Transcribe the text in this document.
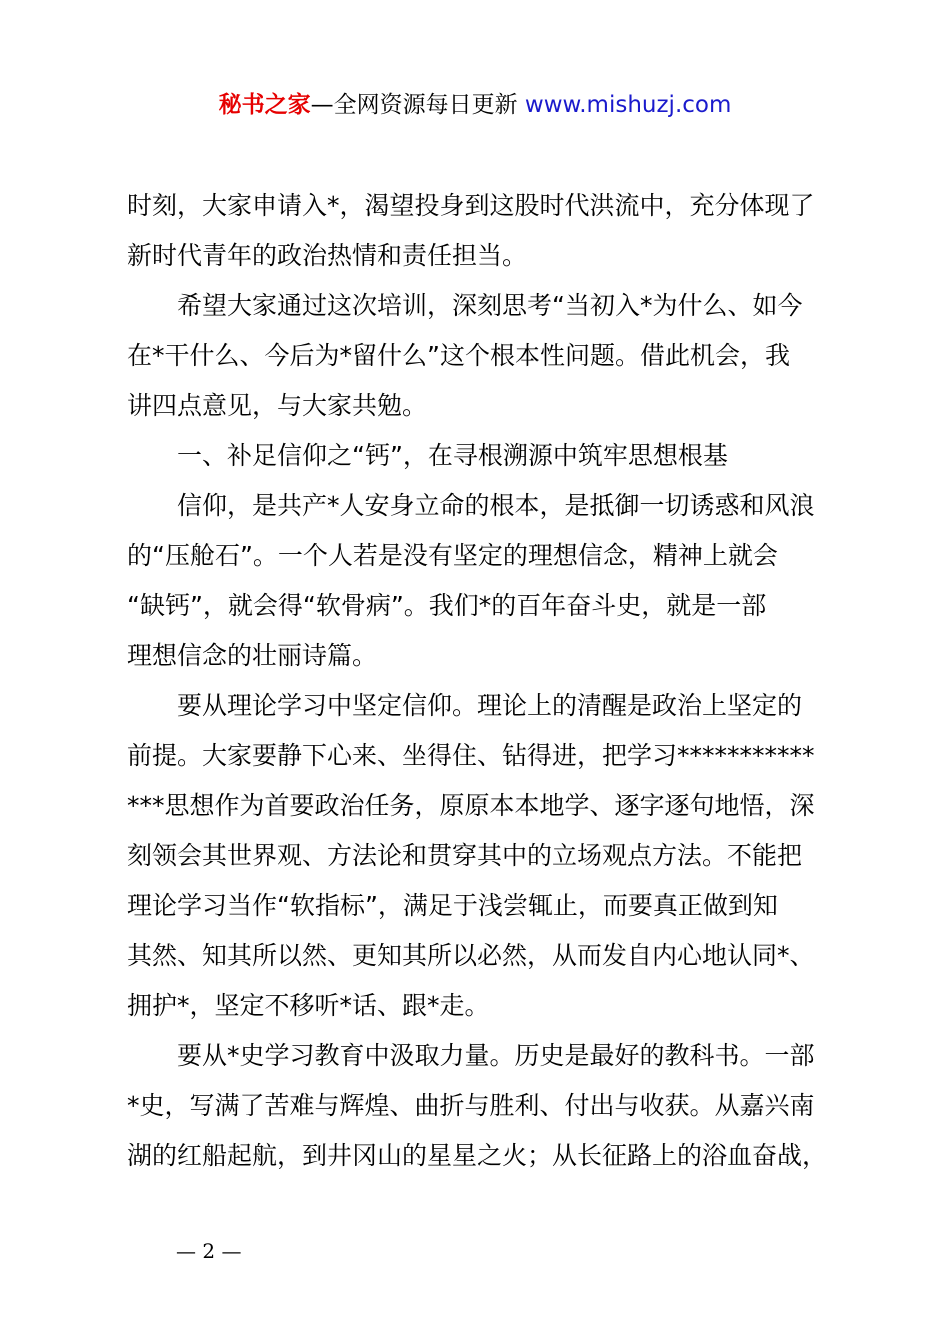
秘书之家—全网资源每日更新 www.mishuzj.com
时刻，大家申请入*，渴望投身到这股时代洪流中，充分体现了
新时代青年的政治热情和责任担当。
　　希望大家通过这次培训，深刻思考“当初入*为什么、如今
在*干什么、今后为*留什么”这个根本性问题。借此机会，我
讲四点意见，与大家共勉。
　　一、补足信仰之“钙”，在寻根溯源中筑牢思想根基
　　信仰，是共产*人安身立命的根本，是抵御一切诱惑和风浪
的“压舱石”。一个人若是没有坚定的理想信念，精神上就会
“缺钙”，就会得“软骨病”。我们*的百年奋斗史，就是一部
理想信念的壮丽诗篇。
　　要从理论学习中坚定信仰。理论上的清醒是政治上坚定的
前提。大家要静下心来、坐得住、钻得进，把学习***********
***思想作为首要政治任务，原原本本地学、逐字逐句地悟，深
刻领会其世界观、方法论和贯穿其中的立场观点方法。不能把
理论学习当作“软指标”，满足于浅尝辄止，而要真正做到知
其然、知其所以然、更知其所以必然，从而发自内心地认同*、
拥护*，坚定不移听*话、跟*走。
　　要从*史学习教育中汲取力量。历史是最好的教科书。一部
*史，写满了苦难与辉煌、曲折与胜利、付出与收获。从嘉兴南
湖的红船起航，到井冈山的星星之火；从长征路上的浴血奋战，
— 2 —
